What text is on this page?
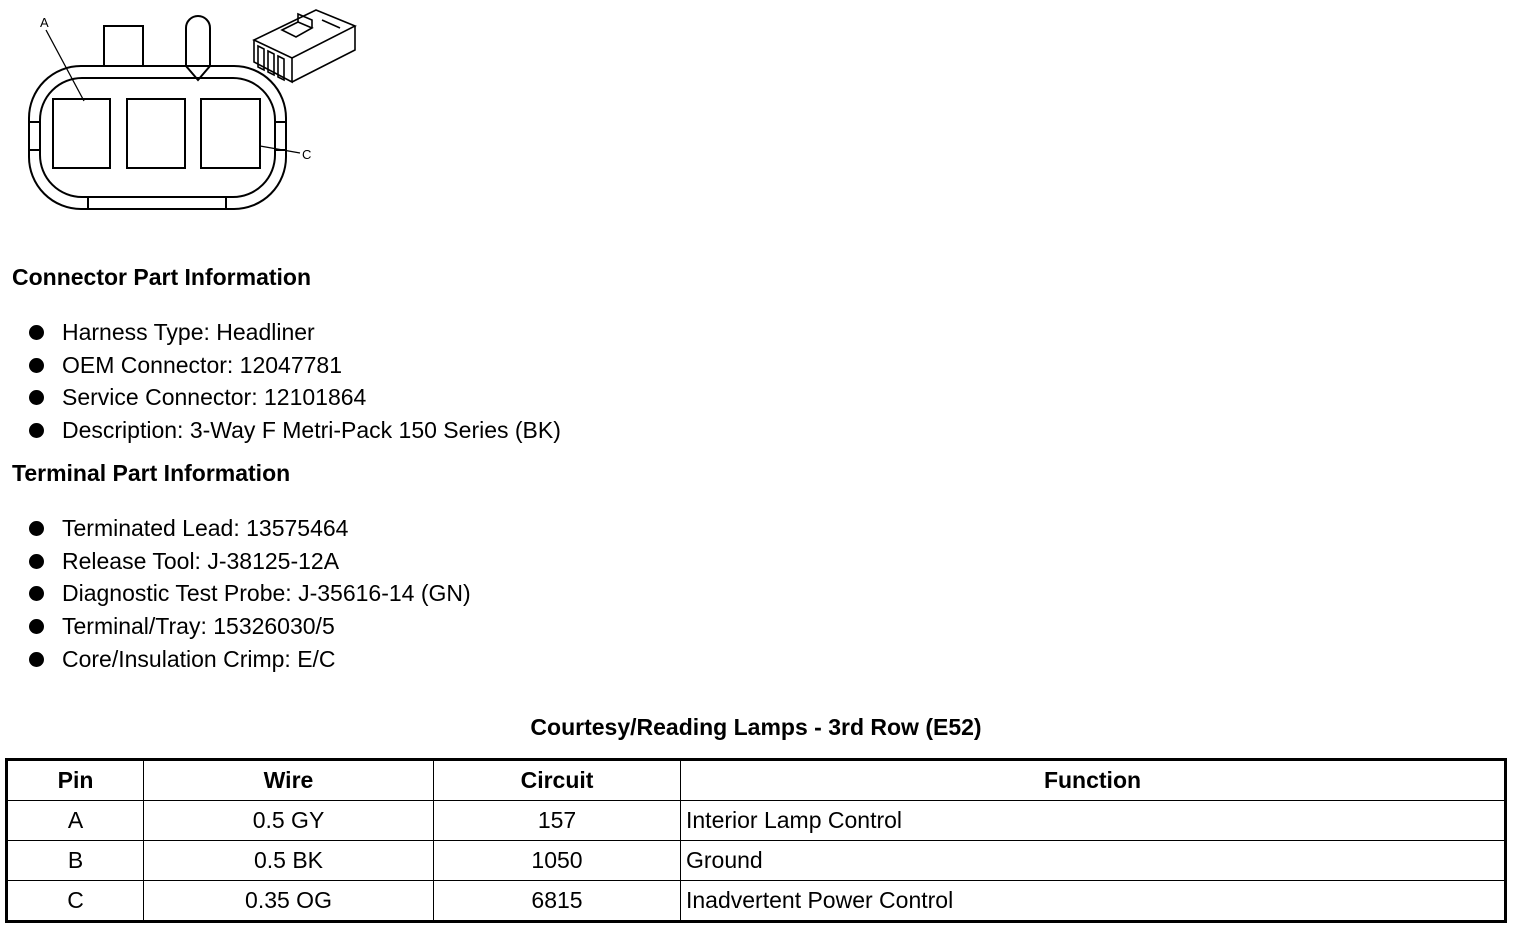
A
C
Connector Part Information
Harness Type: Headliner
OEM Connector: 12047781
Service Connector: 12101864
Description: 3-Way F Metri-Pack 150 Series (BK)
Terminal Part Information
Terminated Lead: 13575464
Release Tool: J-38125-12A
Diagnostic Test Probe: J-35616-14 (GN)
Terminal/Tray: 15326030/5
Core/Insulation Crimp: E/C
Courtesy/Reading Lamps - 3rd Row (E52)
Pin	Wire	Circuit	Function
A	0.5 GY	157	Interior Lamp Control
B	0.5 BK	1050	Ground
C	0.35 OG	6815	Inadvertent Power Control
